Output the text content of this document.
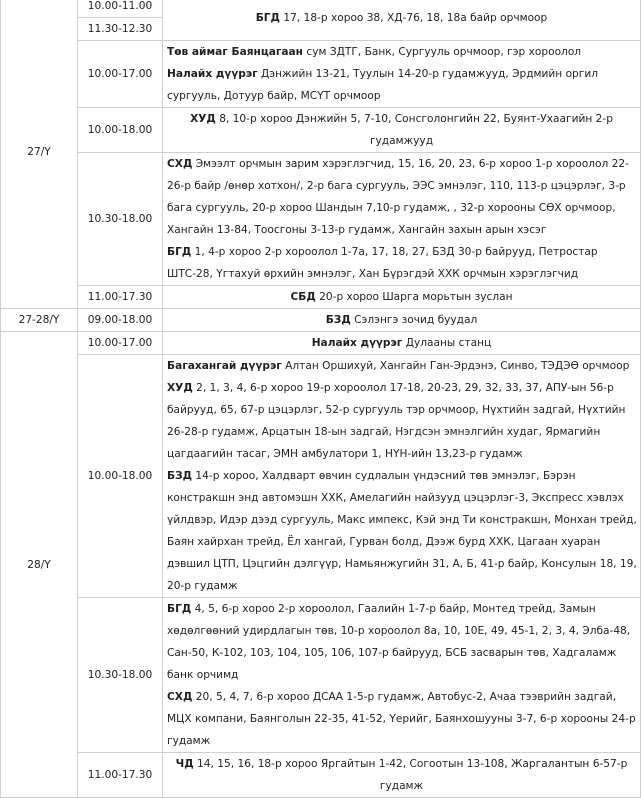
27/Y	10.00-11.00	БГД 17, 18-р хороо 38, ХД-76, 18, 18а байр орчмоор
	11.30-12.30	
	10.00-17.00	Төв аймаг Баянцагаан сум ЗДТГ, Банк, Сургууль орчмоор, гэр хороолол
Налайх дүүрэг Дэнжийн 13-21, Туулын 14-20-р гудамжууд, Эрдмийн оргил сургууль, Дотуур байр, МСҮТ орчмоор

	10.00-18.00	ХУД 8, 10-р хороо Дэнжийн 5, 7-10, Сонсголонгийн 22, Буянт-Ухаагийн 2-р гудамжууд
	10.30-18.00	СХД Эмээлт орчмын зарим хэрэглэгчид, 15, 16, 20, 23, 6-р хороо 1-р хороолол 22-26-р байр /өнөр хотхон/, 2-р бага сургууль, ЭЭС эмнэлэг, 110, 113-р цэцэрлэг, 3-р бага сургууль, 20-р хороо Шандын 7,10-р гудамж, , 32-р хорооны СӨХ орчмоор, Хангайн 13-84, Тоосгоны 3-13-р гудамж, Хангайн захын арын хэсэг
БГД 1, 4-р хороо 2-р хороолол 1-7а, 17, 18, 27, БЗД 30-р байрууд, Петростар ШТС-28, Үгтахуй өрхийн эмнэлэг, Хан Бүрэгдэй ХХК орчмын хэрэглэгчид

	11.00-17.30	СБД 20-р хороо Шарга морьтын зуслан
27-28/Y	09.00-18.00	БЗД Сэлэнгэ зочид буудал
28/Y	10.00-17.00	Налайх дүүрэг Дулааны станц
	10.00-18.00	Багахангай дүүрэг Алтан Оршихуй, Хангайн Ган-Эрдэнэ, Синво, ТЭДЭӨ орчмоор
ХУД 2, 1, 3, 4, 6-р хороо 19-р хороолол 17-18, 20-23, 29, 32, 33, 37, АПУ-ын 56-р байрууд, 65, 67-р цэцэрлэг, 52-р сургууль тэр орчмоор, Нүхтийн задгай, Нүхтийн 26-28-р гудамж, Арцатын 18-ын задгай, Нэгдсэн эмнэлгийн худаг, Ярмагийн цагдаагийн тасаг, ЭМН амбулатори 1, НҮН-ийн 13,23-р гудамж
БЗД 14-р хороо, Халдварт өвчин судлалын үндэсний төв эмнэлэг, Бэрэн констракшн энд автомэшн ХХК, Амелагийн найзууд цэцэрлэг-3, Экспресс хэвлэх үйлдвэр, Идэр дээд сургууль, Макс импекс, Кэй энд Ти констракшн, Монхан трейд, Баян хайрхан трейд, Ёл хангай, Гурван болд, Дээж бурд ХХК, Цагаан хуаран дэвшил ЦТП, Цэцгийн дэлгүүр, Намьянжугийн 31, А, Б, 41-р байр, Консулын 18, 19, 20-р гудамж

	10.30-18.00	БГД 4, 5, 6-р хороо 2-р хороолол, Гаалийн 1-7-р байр, Монтед трейд, Замын хөдөлгөөний удирдлагын төв, 10-р хороолол 8а, 10, 10Е, 49, 45-1, 2, 3, 4, Элба-48, Сан-50, К-102, 103, 104, 105, 106, 107-р байрууд, БСБ засварын төв, Хадгаламж банк орчимд
СХД 20, 5, 4, 7, 6-р хороо ДСАА 1-5-р гудамж, Автобус-2, Ачаа тээврийн задгай, МЦХ компани, Баянголын 22-35, 41-52, Үерийг, Баянхошууны 3-7, 6-р хорооны 24-р гудамж

	11.00-17.30	ЧД 14, 15, 16, 18-р хороо Яргайтын 1-42, Согоотын 13-108, Жаргалантын 6-57-р гудамж
